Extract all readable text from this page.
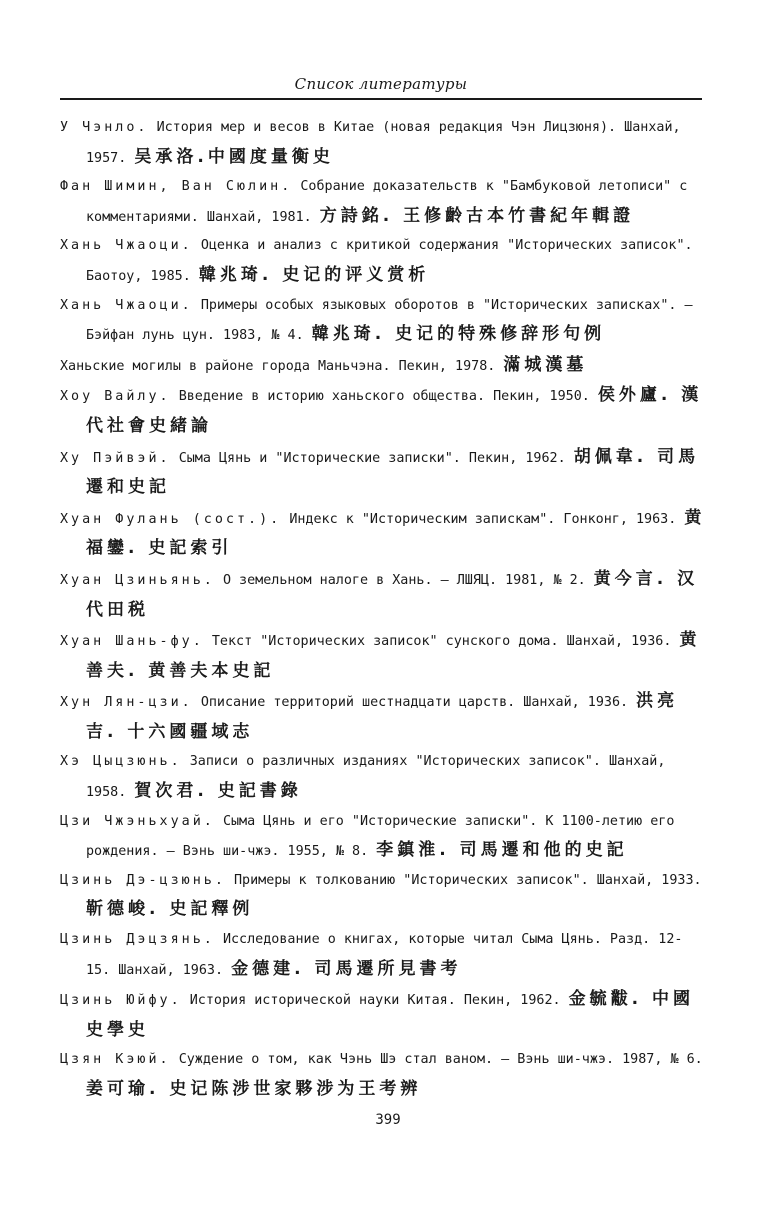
Список литературы
У Чэнло. История мер и весов в Китае (новая редакция Чэн Лицзюня). Шанхай, 1957. 吴承洛.中國度量衡史
Фан Шимин, Ван Сюлин. Собрание доказательств к "Бамбуковой летописи" с комментариями. Шанхай, 1981. 方詩銘. 王修齡古本竹書紀年輯證
Хань Чжаоци. Оценка и анализ с критикой содержания "Исторических записок". Баотоу, 1985. 韓兆琦. 史记的评义赏析
Хань Чжаоци. Примеры особых языковых оборотов в "Исторических записках". — Бэйфан лунь цун. 1983, № 4. 韓兆琦. 史记的特殊修辞形句例
Ханьские могилы в районе города Маньчэна. Пекин, 1978. 滿城漢墓
Хоу Вайлу. Введение в историю ханьского общества. Пекин, 1950. 侯外廬. 漢代社會史緒論
Ху Пэйвэй. Сыма Цянь и "Исторические записки". Пекин, 1962. 胡佩韋. 司馬遷和史記
Хуан Фулань (сост.). Индекс к "Историческим запискам". Гонконг, 1963. 黄福鑾. 史記索引
Хуан Цзиньянь. О земельном налоге в Хань. — ЛШЯЦ. 1981, № 2. 黄今言. 汉代田税
Хуан Шань-фу. Текст "Исторических записок" сунского дома. Шанхай, 1936. 黄善夫. 黄善夫本史記
Хун Лян-цзи. Описание территорий шестнадцати царств. Шанхай, 1936. 洪亮吉. 十六國疆域志
Хэ Цыцзюнь. Записи о различных изданиях "Исторических записок". Шанхай, 1958. 賀次君. 史記書錄
Цзи Чжэньхуай. Сыма Цянь и его "Исторические записки". К 1100-летию его рождения. — Вэнь ши-чжэ. 1955, № 8. 李鎮淮. 司馬遷和他的史記
Цзинь Дэ-цзюнь. Примеры к толкованию "Исторических записок". Шанхай, 1933. 靳德峻. 史記釋例
Цзинь Дэцзянь. Исследование о книгах, которые читал Сыма Цянь. Разд. 12-15. Шанхай, 1963. 金德建. 司馬遷所見書考
Цзинь Юйфу. История исторической науки Китая. Пекин, 1962. 金毓黻. 中國史學史
Цзян Кэюй. Суждение о том, как Чэнь Шэ стал ваном. — Вэнь ши-чжэ. 1987, № 6. 姜可瑜. 史记陈涉世家夥涉为王考辨
399
